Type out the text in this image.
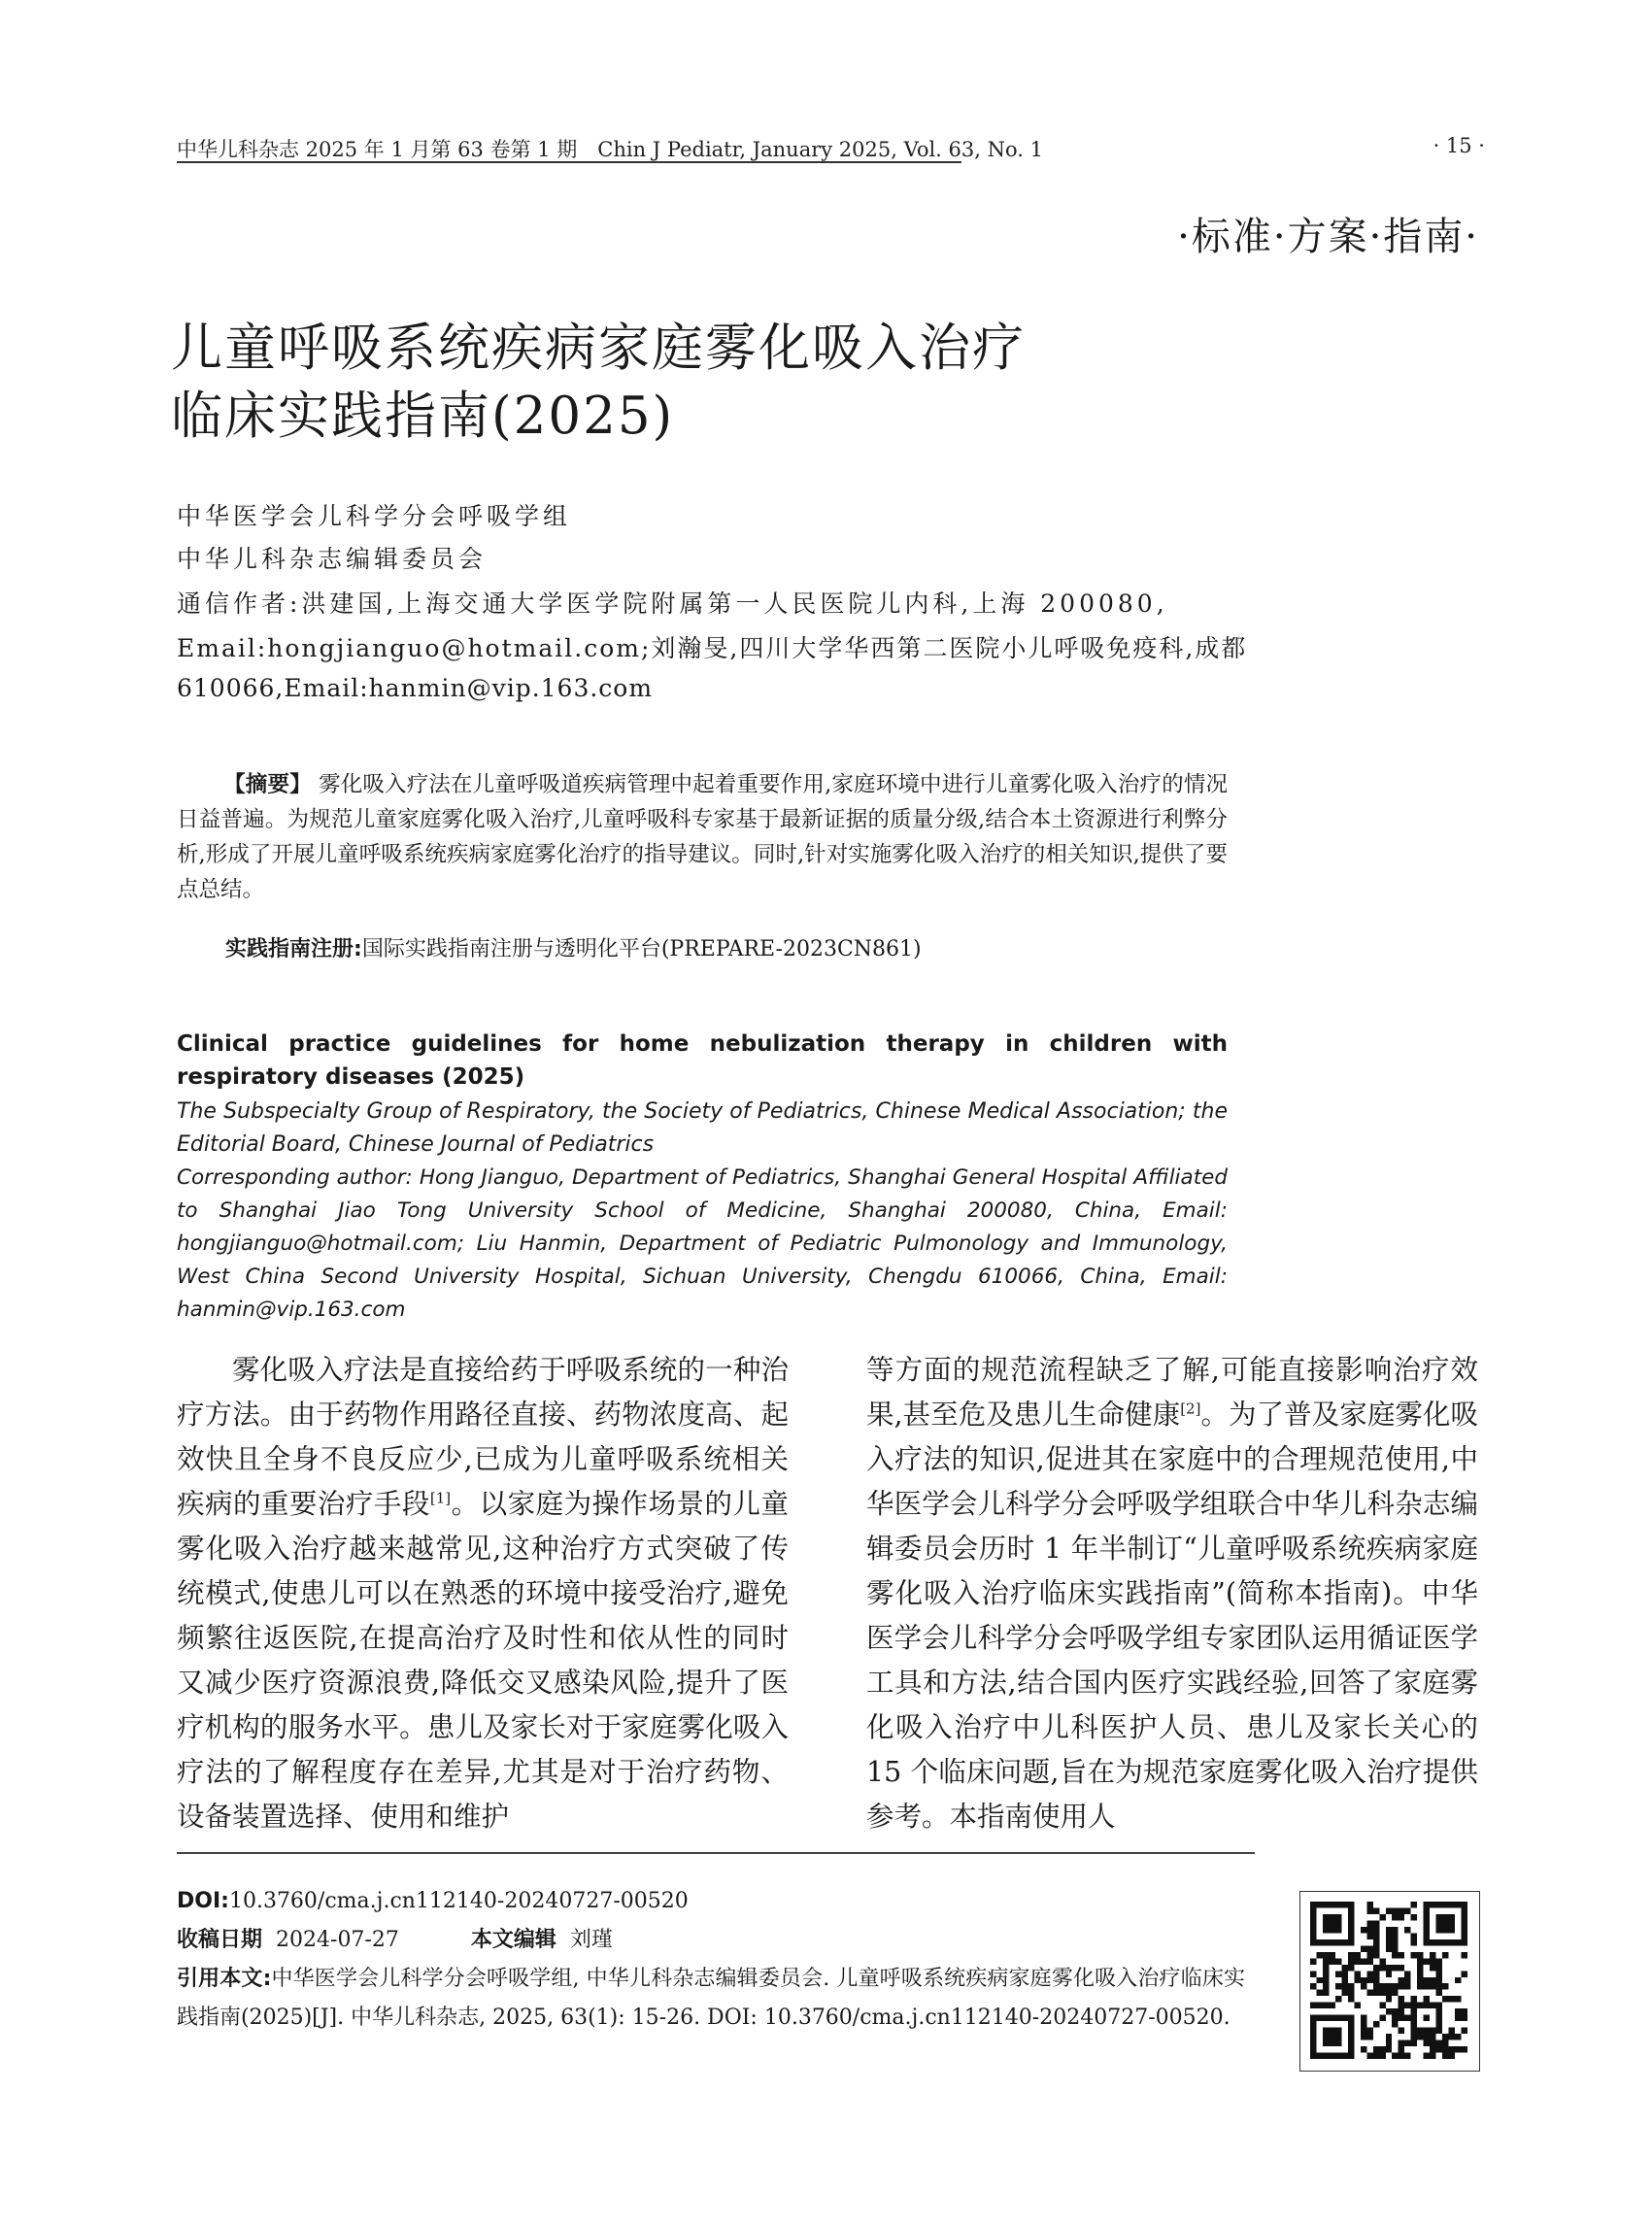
中华儿科杂志 2025 年 1 月第 63 卷第 1 期　Chin J Pediatr, January 2025, Vol. 63, No. 1	· 15 ·
·标准·方案·指南·
儿童呼吸系统疾病家庭雾化吸入治疗
临床实践指南(2025)
中华医学会儿科学分会呼吸学组
中华儿科杂志编辑委员会
通信作者:洪建国,上海交通大学医学院附属第一人民医院儿内科,上海 200080,
Email:hongjianguo@hotmail.com;刘瀚旻,四川大学华西第二医院小儿呼吸免疫科,成都
610066,Email:hanmin@vip.163.com
【摘要】 雾化吸入疗法在儿童呼吸道疾病管理中起着重要作用,家庭环境中进行儿童雾化吸入治疗的情况日益普遍。为规范儿童家庭雾化吸入治疗,儿童呼吸科专家基于最新证据的质量分级,结合本土资源进行利弊分析,形成了开展儿童呼吸系统疾病家庭雾化治疗的指导建议。同时,针对实施雾化吸入治疗的相关知识,提供了要点总结。
实践指南注册:国际实践指南注册与透明化平台(PREPARE-2023CN861)
Clinical practice guidelines for home nebulization therapy in children with respiratory diseases (2025)
The Subspecialty Group of Respiratory, the Society of Pediatrics, Chinese Medical Association; the Editorial Board, Chinese Journal of Pediatrics
Corresponding author: Hong Jianguo, Department of Pediatrics, Shanghai General Hospital Affiliated to Shanghai Jiao Tong University School of Medicine, Shanghai 200080, China, Email: hongjianguo@hotmail.com; Liu Hanmin, Department of Pediatric Pulmonology and Immunology, West China Second University Hospital, Sichuan University, Chengdu 610066, China, Email: hanmin@vip.163.com
雾化吸入疗法是直接给药于呼吸系统的一种治疗方法。由于药物作用路径直接、药物浓度高、起效快且全身不良反应少,已成为儿童呼吸系统相关疾病的重要治疗手段[1]。以家庭为操作场景的儿童雾化吸入治疗越来越常见,这种治疗方式突破了传统模式,使患儿可以在熟悉的环境中接受治疗,避免频繁往返医院,在提高治疗及时性和依从性的同时又减少医疗资源浪费,降低交叉感染风险,提升了医疗机构的服务水平。患儿及家长对于家庭雾化吸入疗法的了解程度存在差异,尤其是对于治疗药物、设备装置选择、使用和维护
等方面的规范流程缺乏了解,可能直接影响治疗效果,甚至危及患儿生命健康[2]。为了普及家庭雾化吸入疗法的知识,促进其在家庭中的合理规范使用,中华医学会儿科学分会呼吸学组联合中华儿科杂志编辑委员会历时 1 年半制订“儿童呼吸系统疾病家庭雾化吸入治疗临床实践指南”(简称本指南)。中华医学会儿科学分会呼吸学组专家团队运用循证医学工具和方法,结合国内医疗实践经验,回答了家庭雾化吸入治疗中儿科医护人员、患儿及家长关心的 15 个临床问题,旨在为规范家庭雾化吸入治疗提供参考。本指南使用人
DOI:10.3760/cma.j.cn112140-20240727-00520
收稿日期 2024-07-27	本文编辑 刘瑾
引用本文:中华医学会儿科学分会呼吸学组, 中华儿科杂志编辑委员会. 儿童呼吸系统疾病家庭雾化吸入治疗临床实践指南(2025)[J]. 中华儿科杂志, 2025, 63(1): 15-26. DOI: 10.3760/cma.j.cn112140-20240727-00520.
